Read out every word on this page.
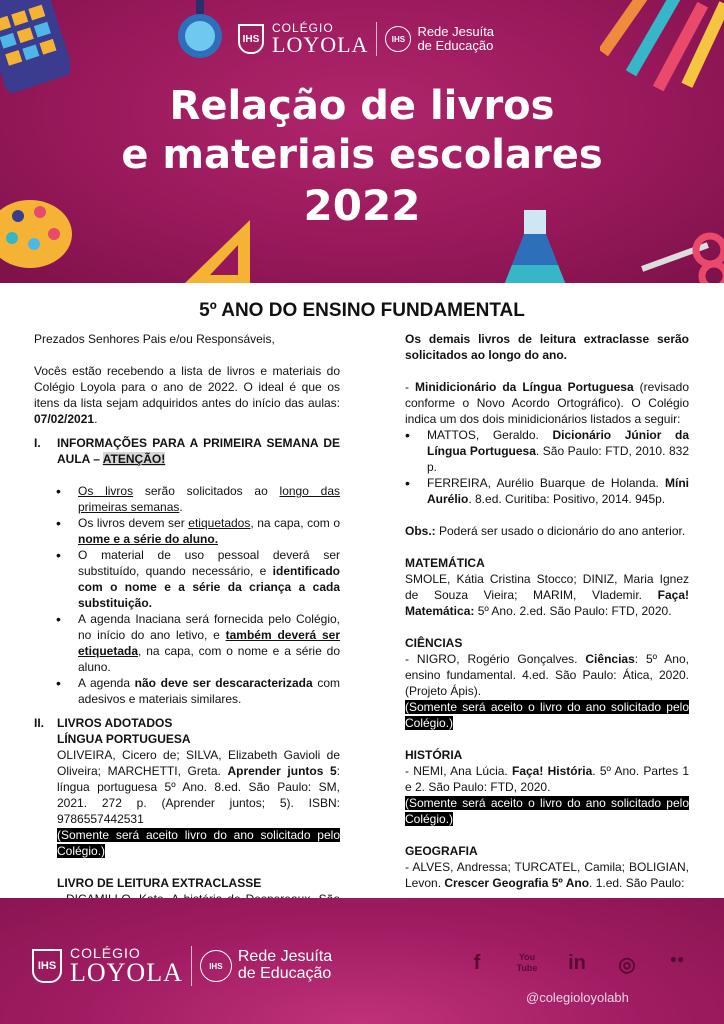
IHS
COLÉGIO
LOYOLA	IHS Rede Jesuíta
de Educação
Relação de livros
e materiais escolares
2022
5º ANO DO ENSINO FUNDAMENTAL

Prezados Senhores Pais e/ou Responsáveis,

Vocês estão recebendo a lista de livros e materiais do Colégio Loyola para o ano de 2022. O ideal é que os itens da lista sejam adquiridos antes do início das aulas: 07/02/2021.

I.	INFORMAÇÕES PARA A PRIMEIRA SEMANA DE AULA – ATENÇÃO!
• Os livros serão solicitados ao longo das primeiras semanas.
• Os livros devem ser etiquetados, na capa, com o nome e a série do aluno.
• O material de uso pessoal deverá ser substituído, quando necessário, e identificado com o nome e a série da criança a cada substituição.
• A agenda Inaciana será fornecida pelo Colégio, no início do ano letivo, e também deverá ser etiquetada, na capa, com o nome e a série do aluno.
• A agenda não deve ser descaracterizada com adesivos e materiais similares.
II.	LIVROS ADOTADOS

LÍNGUA PORTUGUESA

OLIVEIRA, Cicero de; SILVA, Elizabeth Gavioli de Oliveira; MARCHETTI, Greta. Aprender juntos 5: língua portuguesa 5º Ano. 8.ed. São Paulo: SM, 2021. 272 p. (Aprender juntos; 5). ISBN: 9786557442531

(Somente será aceito livro do ano solicitado pelo Colégio.)

LIVRO DE LEITURA EXTRACLASSE

Os demais livros de leitura extraclasse serão solicitados ao longo do ano.

- Minidicionário da Língua Portuguesa (revisado conforme o Novo Acordo Ortográfico). O Colégio indica um dos dois minidicionários listados a seguir:

• MATTOS, Geraldo. Dicionário Júnior da Língua Portuguesa. São Paulo: FTD, 2010. 832 p.
• FERREIRA, Aurélio Buarque de Holanda. Míni Aurélio. 8.ed. Curitiba: Positivo, 2014. 945p.

Obs.: Poderá ser usado o dicionário do ano anterior.

MATEMÁTICA

SMOLE, Kátia Cristina Stocco; DINIZ, Maria Ignez de Souza Vieira; MARIM, Vlademir. Faça! Matemática: 5º Ano. 2.ed. São Paulo: FTD, 2020.

CIÊNCIAS

- NIGRO, Rogério Gonçalves. Ciências: 5º Ano, ensino fundamental. 4.ed. São Paulo: Ática, 2020. (Projeto Ápis).

(Somente será aceito o livro do ano solicitado pelo Colégio.)

HISTÓRIA

- NEMI, Ana Lúcia. Faça! História. 5º Ano. Partes 1 e 2. São Paulo: FTD, 2020.

(Somente será aceito o livro do ano solicitado pelo Colégio.)

GEOGRAFIA

- ALVES, Andressa; TURCATEL, Camila; BOLIGIAN, Levon. Crescer Geografia 5º Ano. 1.ed. São Paulo:

IHS
COLÉGIO
LOYOLA	IHS
Rede Jesuíta
de Educação	f	You Tube	in	◎	●●
@colegioloyolabh
